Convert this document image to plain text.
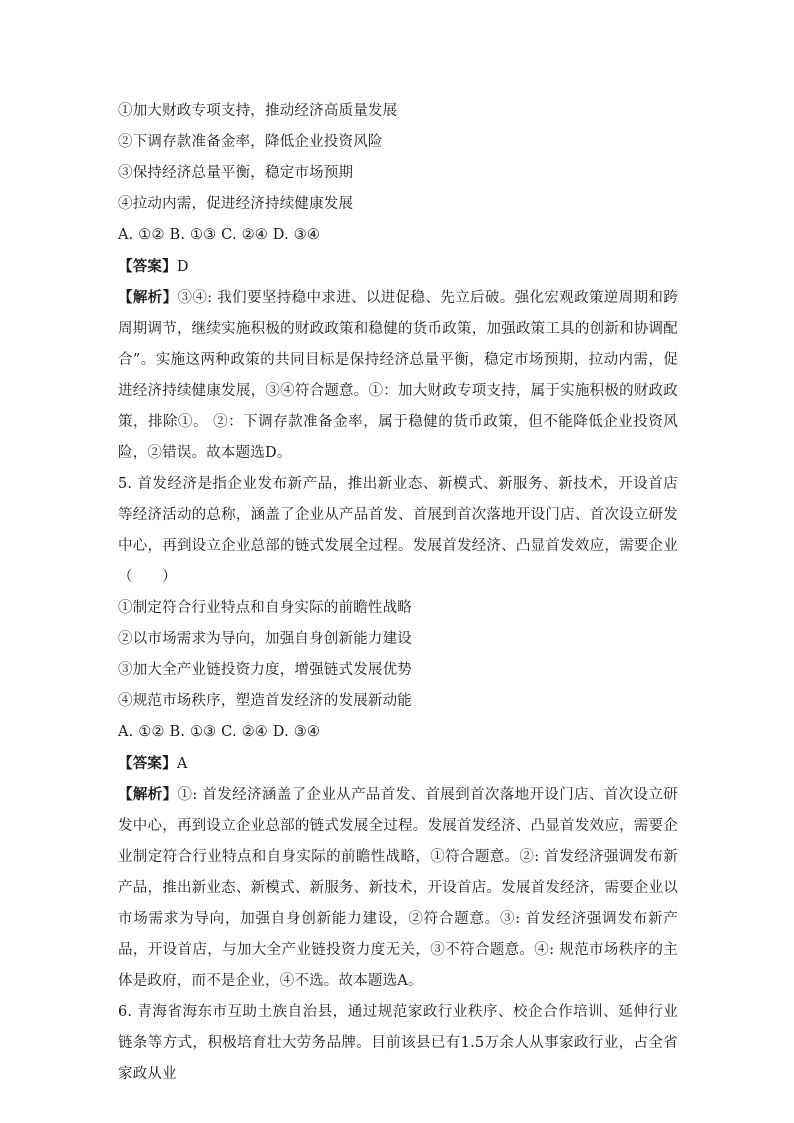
①加大财政专项支持，推动经济高质量发展
②下调存款准备金率，降低企业投资风险
③保持经济总量平衡，稳定市场预期
④拉动内需，促进经济持续健康发展
A. ①② B. ①③ C. ②④ D. ③④
【答案】D
【解析】③④: 我们要坚持稳中求进、以进促稳、先立后破。强化宏观政策逆周期和跨周期调节，继续实施积极的财政政策和稳健的货币政策，加强政策工具的创新和协调配合”。实施这两种政策的共同目标是保持经济总量平衡，稳定市场预期，拉动内需，促进经济持续健康发展，③④符合题意。①：加大财政专项支持，属于实施积极的财政政策，排除①。 ②：下调存款准备金率，属于稳健的货币政策，但不能降低企业投资风险，②错误。故本题选D。
5. 首发经济是指企业发布新产品，推出新业态、新模式、新服务、新技术，开设首店等经济活动的总称，涵盖了企业从产品首发、首展到首次落地开设门店、首次设立研发中心，再到设立企业总部的链式发展全过程。发展首发经济、凸显首发效应，需要企业（　　）
①制定符合行业特点和自身实际的前瞻性战略
②以市场需求为导向，加强自身创新能力建设
③加大全产业链投资力度，增强链式发展优势
④规范市场秩序，塑造首发经济的发展新动能
A. ①② B. ①③ C. ②④ D. ③④
【答案】A
【解析】①: 首发经济涵盖了企业从产品首发、首展到首次落地开设门店、首次设立研发中心，再到设立企业总部的链式发展全过程。发展首发经济、凸显首发效应，需要企业制定符合行业特点和自身实际的前瞻性战略，①符合题意。②: 首发经济强调发布新产品，推出新业态、新模式、新服务、新技术，开设首店。发展首发经济，需要企业以市场需求为导向，加强自身创新能力建设，②符合题意。③: 首发经济强调发布新产品，开设首店，与加大全产业链投资力度无关，③不符合题意。④: 规范市场秩序的主体是政府，而不是企业，④不选。故本题选A。
6. 青海省海东市互助土族自治县，通过规范家政行业秩序、校企合作培训、延伸行业链条等方式，积极培育壮大劳务品牌。目前该县已有1.5万余人从事家政行业，占全省家政从业
